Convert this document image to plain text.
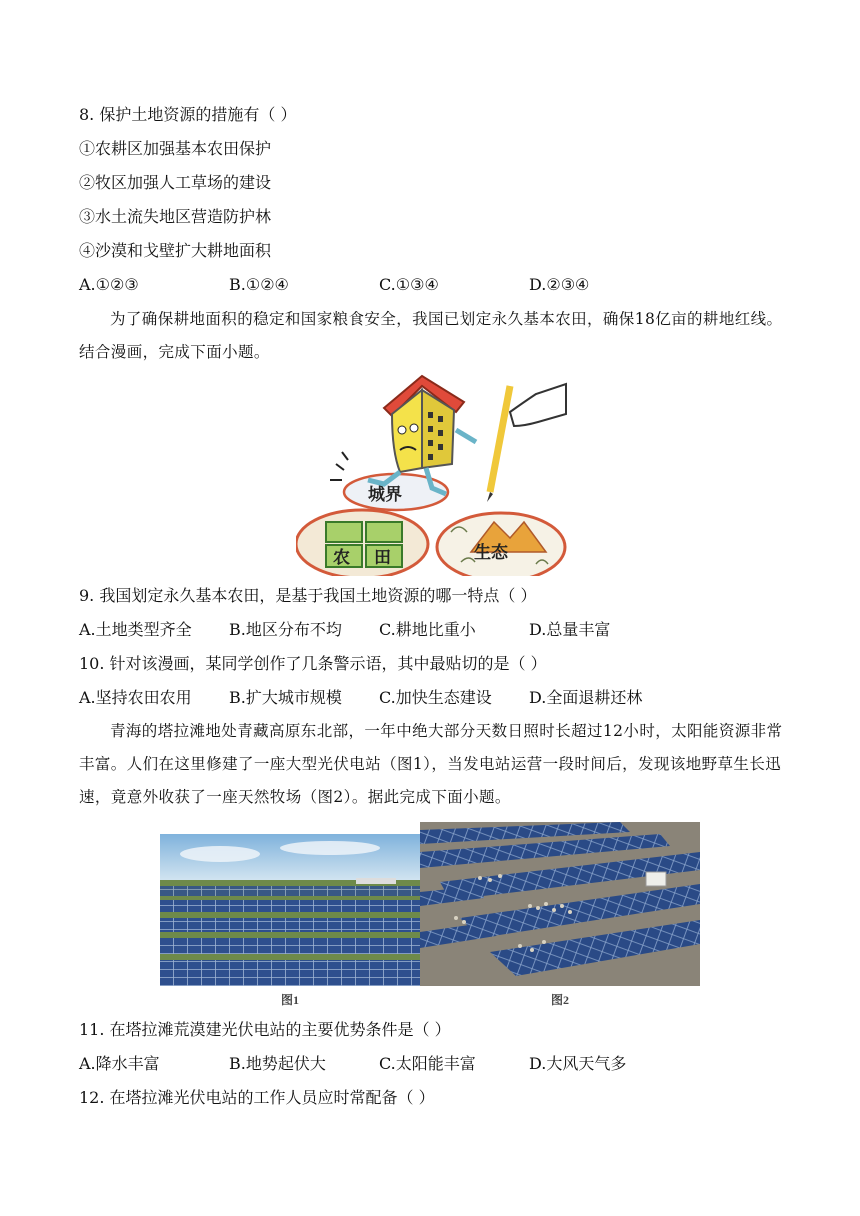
8. 保护土地资源的措施有（ ）
①农耕区加强基本农田保护
②牧区加强人工草场的建设
③水土流失地区营造防护林
④沙漠和戈壁扩大耕地面积
A.①②③	B.①②④	C.①③④	D.②③④
为了确保耕地面积的稳定和国家粮食安全，我国已划定永久基本农田，确保18亿亩的耕地红线。结合漫画，完成下面小题。
生态
农 田
城界
9. 我国划定永久基本农田，是基于我国土地资源的哪一特点（ ）
A.土地类型齐全 B.地区分布不均 C.耕地比重小	D.总量丰富
10. 针对该漫画，某同学创作了几条警示语，其中最贴切的是（ ）
A.坚持农田农用 B.扩大城市规模 C.加快生态建设 D.全面退耕还林
青海的塔拉滩地处青藏高原东北部，一年中绝大部分天数日照时长超过12小时，太阳能资源非常丰富。人们在这里修建了一座大型光伏电站（图1），当发电站运营一段时间后，发现该地野草生长迅速，竟意外收获了一座天然牧场（图2）。据此完成下面小题。
图1	图2
11. 在塔拉滩荒漠建光伏电站的主要优势条件是（ ）
A.降水丰富	B.地势起伏大	C.太阳能丰富	D.大风天气多
12. 在塔拉滩光伏电站的工作人员应时常配备（ ）
